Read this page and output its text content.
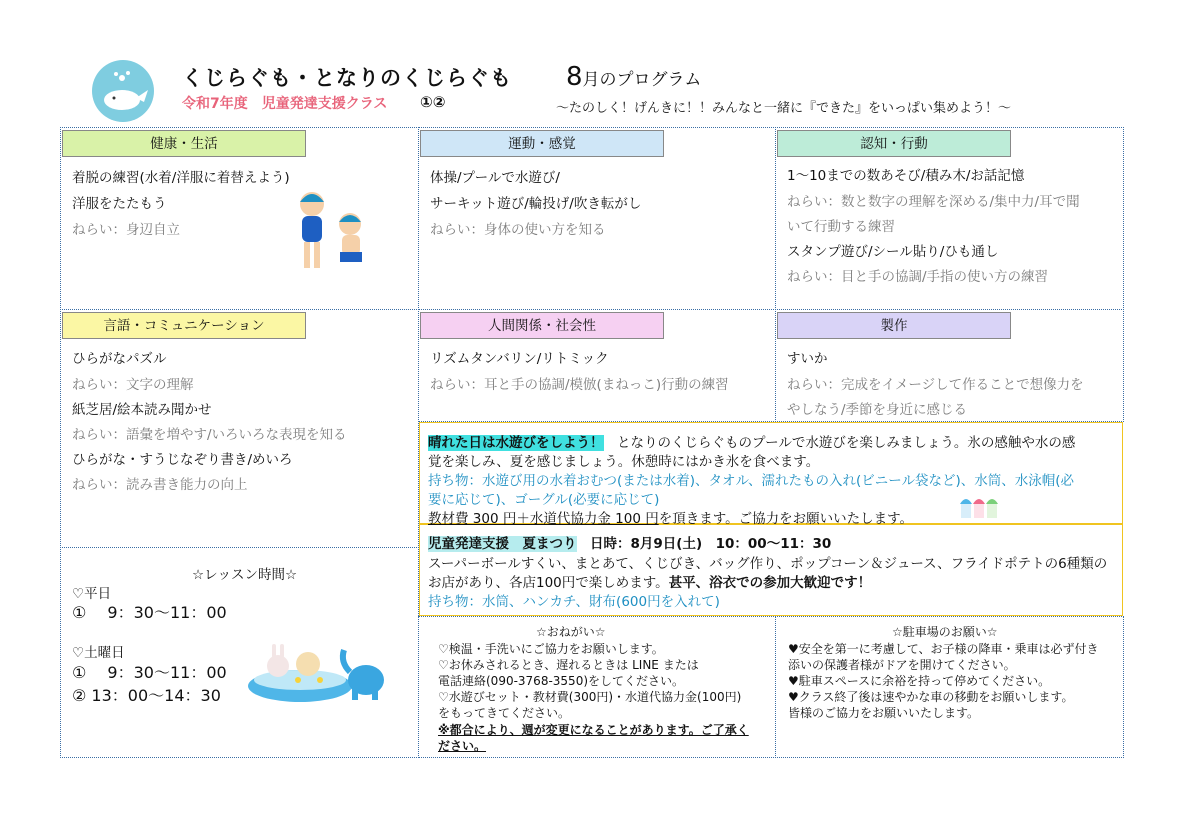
くじらぐも・となりのくじらぐも
令和7年度　児童発達支援クラス ①②
8月のプログラム
～たのしく！げんきに！！みんなと一緒に『できた』をいっぱい集めよう！～
健康・生活
着脱の練習(水着/洋服に着替えよう)
洋服をたたもう
ねらい：身辺自立
運動・感覚
体操/プールで水遊び/
サーキット遊び/輪投げ/吹き転がし
ねらい：身体の使い方を知る
認知・行動
1～10までの数あそび/積み木/お話記憶
ねらい：数と数字の理解を深める/集中力/耳で聞
いて行動する練習
スタンプ遊び/シール貼り/ひも通し
ねらい：目と手の協調/手指の使い方の練習
言語・コミュニケーション
ひらがなパズル
ねらい：文字の理解
紙芝居/絵本読み聞かせ
ねらい：語彙を増やす/いろいろな表現を知る
ひらがな・すうじなぞり書き/めいろ
ねらい：読み書き能力の向上
人間関係・社会性
リズムタンバリン/リトミック
ねらい：耳と手の協調/模倣(まねっこ)行動の練習
製作
すいか
ねらい：完成をイメージして作ることで想像力を
やしなう/季節を身近に感じる
晴れた日は水遊びをしよう！　となりのくじらぐものプールで水遊びを楽しみましょう。氷の感触や水の感
覚を楽しみ、夏を感じましょう。休憩時にはかき氷を食べます。
持ち物：水遊び用の水着おむつ(または水着)、タオル、濡れたもの入れ(ビニール袋など)、水筒、水泳帽(必
要に応じて)、ゴーグル(必要に応じて)
教材費 300 円＋水道代協力金 100 円を頂きます。ご協力をお願いいたします。
児童発達支援　夏まつり　日時：8月9日(土)　10：00～11：30
スーパーボールすくい、まとあて、くじびき、バッグ作り、ポップコーン＆ジュース、フライドポテトの6種類の
お店があり、各店100円で楽しめます。甚平、浴衣での参加大歓迎です！
持ち物：水筒、ハンカチ、財布(600円を入れて)
☆レッスン時間☆
♡平日
①　 9：30～11：00
♡土曜日
①　 9：30～11：00
② 13：00～14：30
☆おねがい☆
♡検温・手洗いにご協力をお願いします。
♡お休みされるとき、遅れるときは LINE または
電話連絡(090-3768-3550)をしてください。
♡水遊びセット・教材費(300円)・水道代協力金(100円)
をもってきてください。
※都合により、週が変更になることがあります。ご了承く
ださい。
☆駐車場のお願い☆
♥安全を第一に考慮して、お子様の降車・乗車は必ず付き
添いの保護者様がドアを開けてください。
♥駐車スペースに余裕を持って停めてください。
♥クラス終了後は速やかな車の移動をお願いします。
皆様のご協力をお願いいたします。
